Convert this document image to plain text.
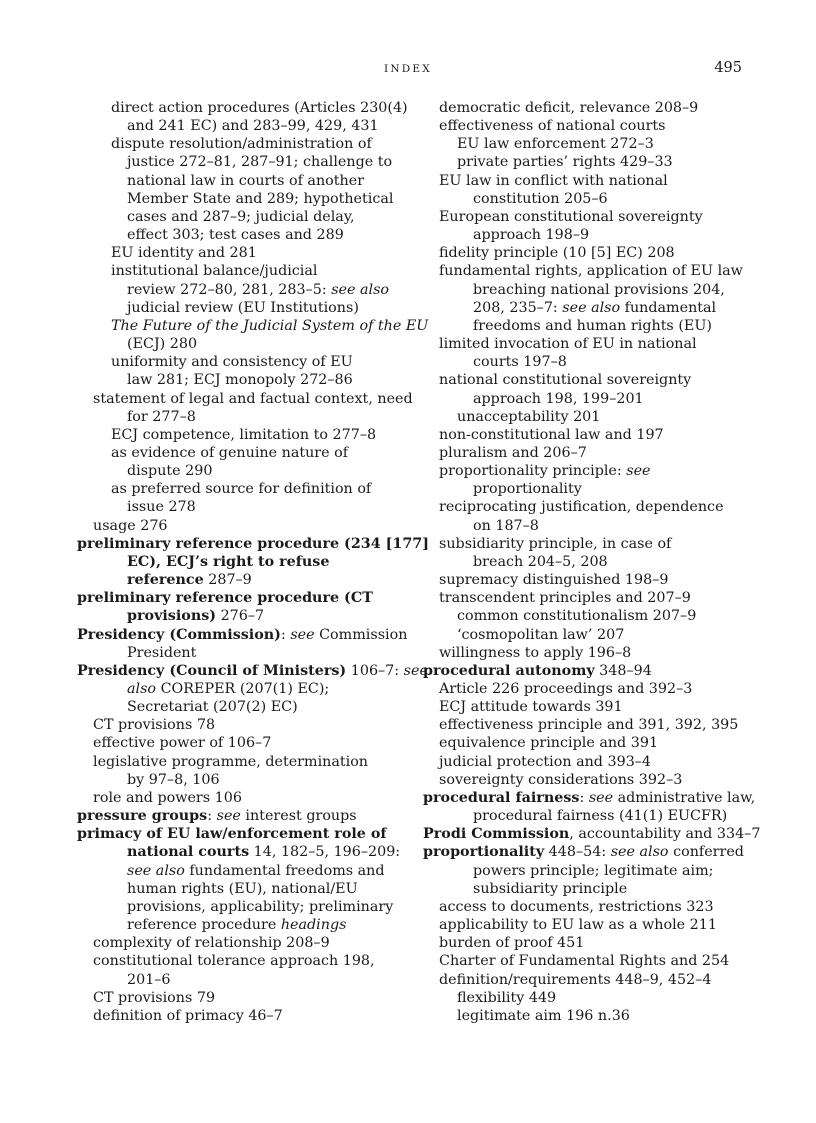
INDEX	495
direct action procedures (Articles 230(4)
and 241 EC) and 283–99, 429, 431
dispute resolution/administration of
justice 272–81, 287–91; challenge to
national law in courts of another
Member State and 289; hypothetical
cases and 287–9; judicial delay,
effect 303; test cases and 289
EU identity and 281
institutional balance/judicial
review 272–80, 281, 283–5: see also
judicial review (EU Institutions)
The Future of the Judicial System of the EU
(ECJ) 280
uniformity and consistency of EU
law 281; ECJ monopoly 272–86
statement of legal and factual context, need
for 277–8
ECJ competence, limitation to 277–8
as evidence of genuine nature of
dispute 290
as preferred source for definition of
issue 278
usage 276
preliminary reference procedure (234 [177]
EC), ECJ’s right to refuse
reference 287–9
preliminary reference procedure (CT
provisions) 276–7
Presidency (Commission): see Commission
President
Presidency (Council of Ministers) 106–7: see
also COREPER (207(1) EC);
Secretariat (207(2) EC)
CT provisions 78
effective power of 106–7
legislative programme, determination
by 97–8, 106
role and powers 106
pressure groups: see interest groups
primacy of EU law/enforcement role of
national courts 14, 182–5, 196–209:
see also fundamental freedoms and
human rights (EU), national/EU
provisions, applicability; preliminary
reference procedure headings
complexity of relationship 208–9
constitutional tolerance approach 198,
201–6
CT provisions 79
definition of primacy 46–7
democratic deficit, relevance 208–9
effectiveness of national courts
EU law enforcement 272–3
private parties’ rights 429–33
EU law in conflict with national
constitution 205–6
European constitutional sovereignty
approach 198–9
fidelity principle (10 [5] EC) 208
fundamental rights, application of EU law
breaching national provisions 204,
208, 235–7: see also fundamental
freedoms and human rights (EU)
limited invocation of EU in national
courts 197–8
national constitutional sovereignty
approach 198, 199–201
unacceptability 201
non-constitutional law and 197
pluralism and 206–7
proportionality principle: see
proportionality
reciprocating justification, dependence
on 187–8
subsidiarity principle, in case of
breach 204–5, 208
supremacy distinguished 198–9
transcendent principles and 207–9
common constitutionalism 207–9
‘cosmopolitan law’ 207
willingness to apply 196–8
procedural autonomy 348–94
Article 226 proceedings and 392–3
ECJ attitude towards 391
effectiveness principle and 391, 392, 395
equivalence principle and 391
judicial protection and 393–4
sovereignty considerations 392–3
procedural fairness: see administrative law,
procedural fairness (41(1) EUCFR)
Prodi Commission, accountability and 334–7
proportionality 448–54: see also conferred
powers principle; legitimate aim;
subsidiarity principle
access to documents, restrictions 323
applicability to EU law as a whole 211
burden of proof 451
Charter of Fundamental Rights and 254
definition/requirements 448–9, 452–4
flexibility 449
legitimate aim 196 n.36
